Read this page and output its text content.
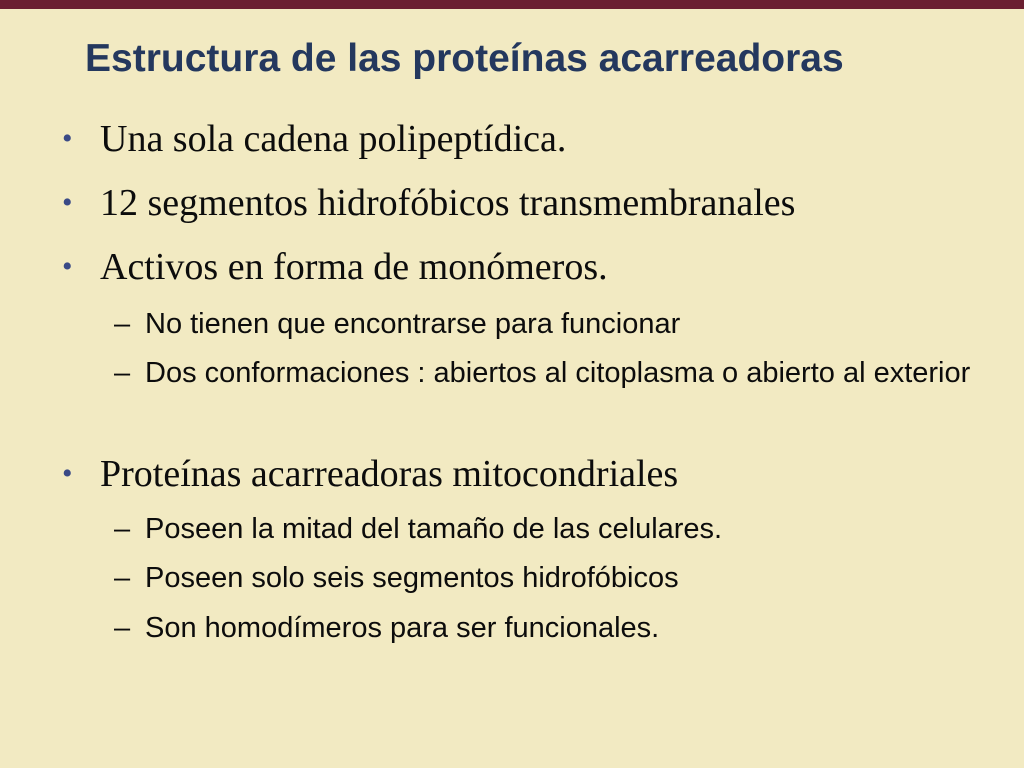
Estructura de las proteínas acarreadoras
• Una sola cadena polipeptídica.
• 12 segmentos hidrofóbicos transmembranales
• Activos en forma de monómeros.
– No tienen que encontrarse para funcionar
– Dos conformaciones : abiertos al citoplasma o abierto al exterior
• Proteínas acarreadoras mitocondriales
– Poseen la mitad del tamaño de las celulares.
– Poseen solo seis segmentos hidrofóbicos
– Son homodímeros para ser funcionales.
